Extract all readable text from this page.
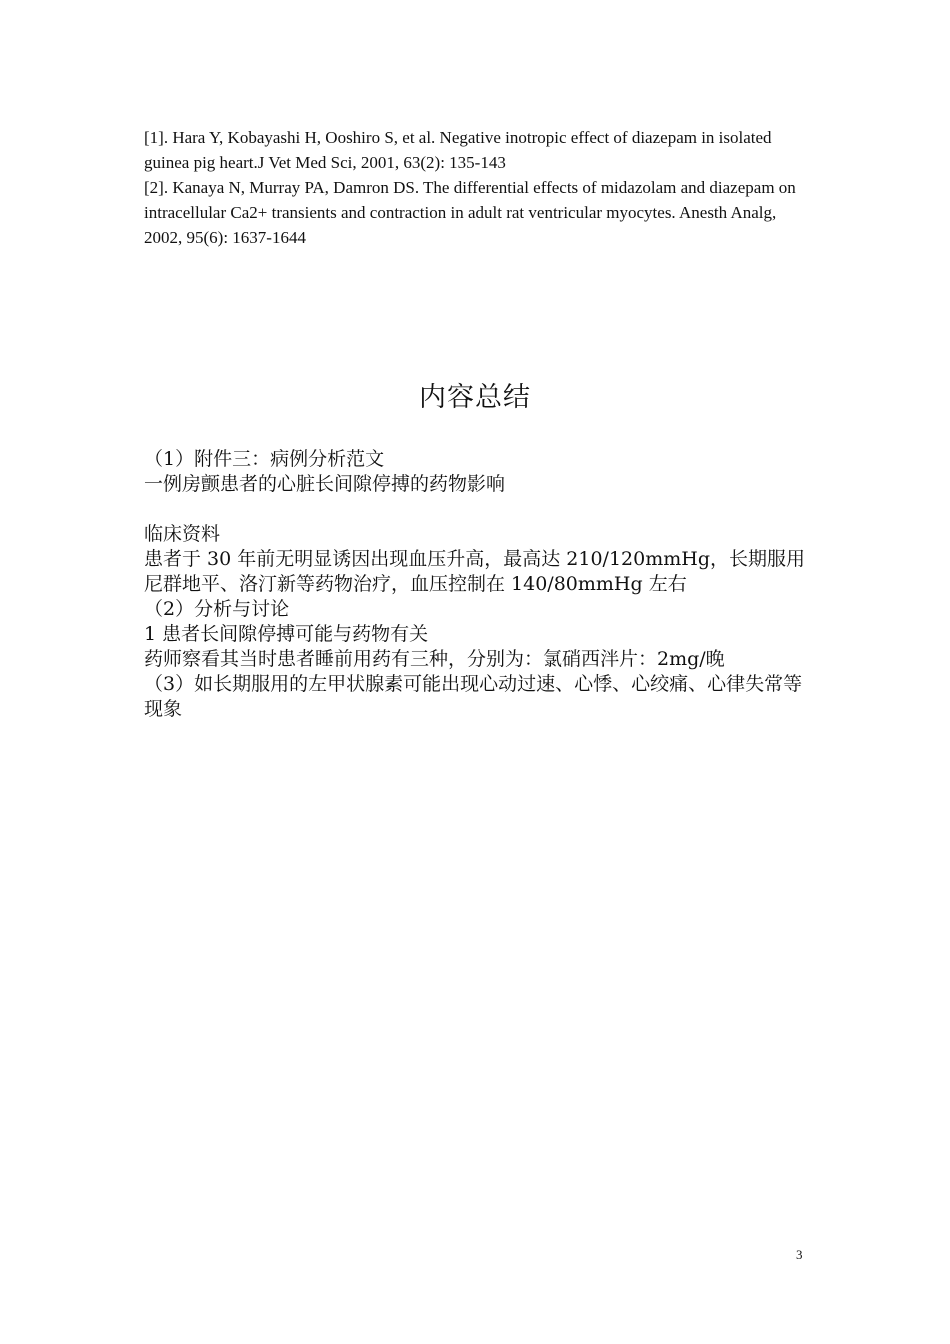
[1]. Hara Y, Kobayashi H, Ooshiro S, et al. Negative inotropic effect of diazepam in isolated guinea pig heart.J Vet Med Sci, 2001, 63(2): 135-143

[2]. Kanaya N, Murray PA, Damron DS. The differential effects of midazolam and diazepam on intracellular Ca2+ transients and contraction in adult rat ventricular myocytes. Anesth Analg, 2002, 95(6): 1637-1644

内容总结

（1）附件三：病例分析范文

一例房颤患者的心脏长间隙停搏的药物影响

临床资料

患者于 30 年前无明显诱因出现血压升高，最高达 210/120mmHg，长期服用尼群地平、洛汀新等药物治疗，血压控制在 140/80mmHg 左右

（2）分析与讨论

1 患者长间隙停搏可能与药物有关

药师察看其当时患者睡前用药有三种，分别为：氯硝西泮片：2mg/晚

（3）如长期服用的左甲状腺素可能出现心动过速、心悸、心绞痛、心律失常等现象

3
